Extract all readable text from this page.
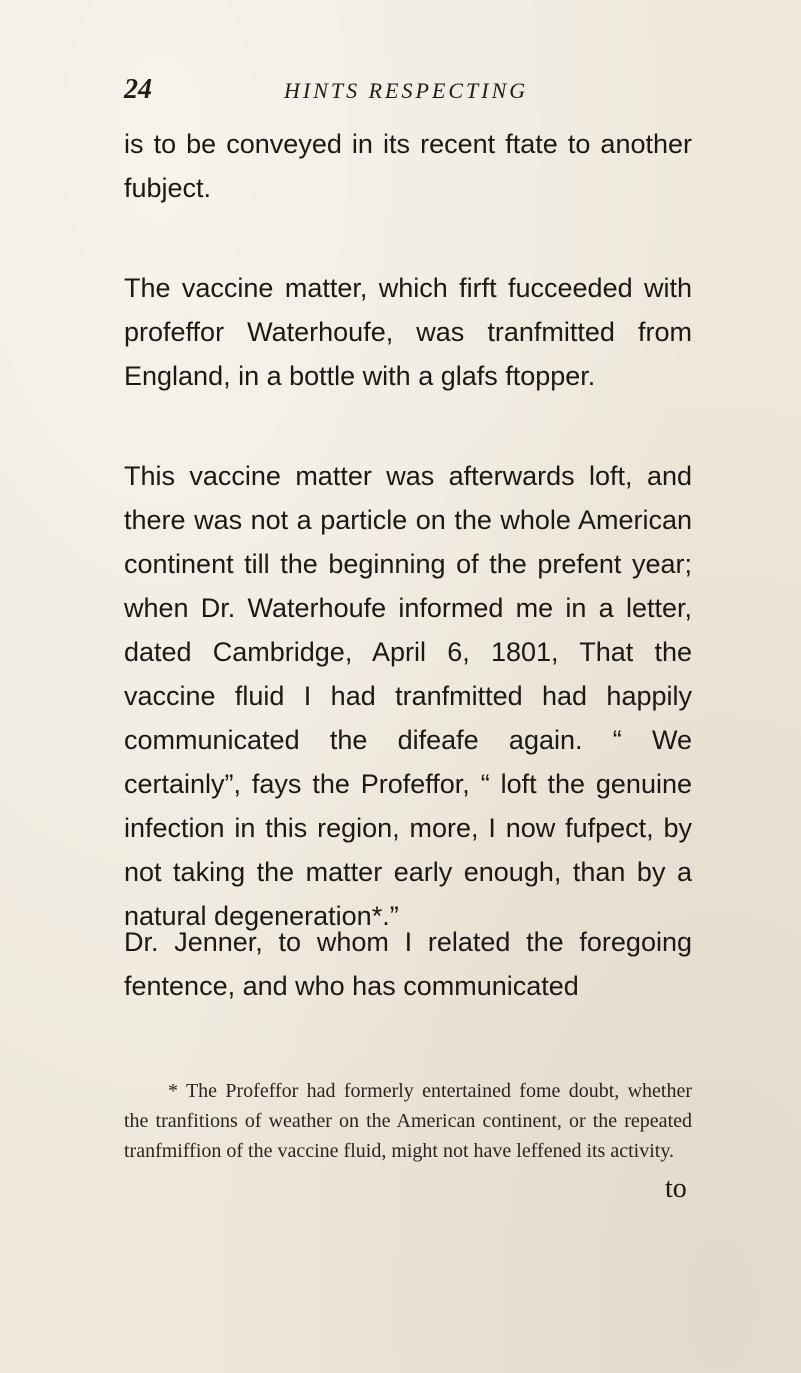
24	HINTS RESPECTING

is to be conveyed in its recent ftate to another fubject.

The vaccine matter, which firft fucceeded with profeffor Waterhoufe, was tranfmitted from England, in a bottle with a glafs ftopper.

This vaccine matter was afterwards loft, and there was not a particle on the whole American continent till the beginning of the prefent year; when Dr. Waterhoufe informed me in a letter, dated Cambridge, April 6, 1801, That the vaccine fluid I had tranfmitted had happily communicated the difeafe again. “ We certainly”, fays the Profeffor, “ loft the genuine infection in this region, more, I now fufpect, by not taking the matter early enough, than by a natural degeneration*.”

Dr. Jenner, to whom I related the foregoing fentence, and who has communicated

* The Profeffor had formerly entertained fome doubt, whether the tranfitions of weather on the American continent, or the repeated tranfmiffion of the vaccine fluid, might not have leffened its activity.

to
